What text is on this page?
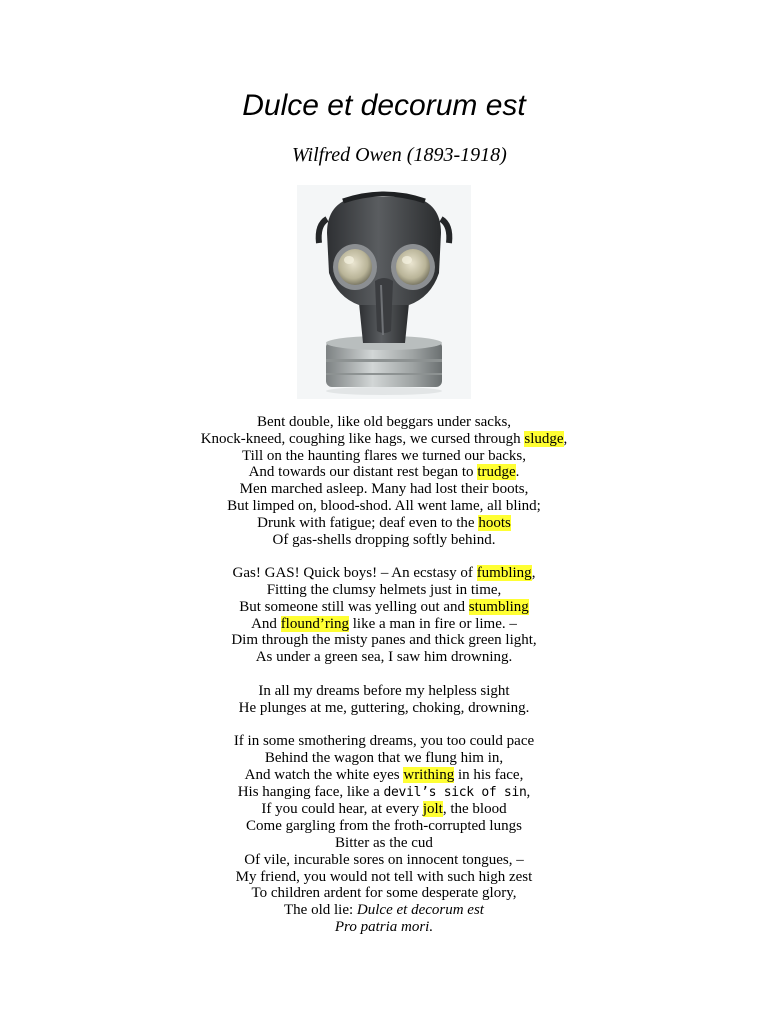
Dulce et decorum est
Wilfred Owen (1893-1918)
Bent double, like old beggars under sacks,
Knock-kneed, coughing like hags, we cursed through sludge,
Till on the haunting flares we turned our backs,
And towards our distant rest began to trudge.
Men marched asleep. Many had lost their boots,
But limped on, blood-shod. All went lame, all blind;
Drunk with fatigue; deaf even to the hoots
Of gas-shells dropping softly behind.
Gas! GAS! Quick boys! – An ecstasy of fumbling,
Fitting the clumsy helmets just in time,
But someone still was yelling out and stumbling
And flound’ring like a man in fire or lime. –
Dim through the misty panes and thick green light,
As under a green sea, I saw him drowning.
In all my dreams before my helpless sight
He plunges at me, guttering, choking, drowning.
If in some smothering dreams, you too could pace
Behind the wagon that we flung him in,
And watch the white eyes writhing in his face,
His hanging face, like a devil’s sick of sin,
If you could hear, at every jolt, the blood
Come gargling from the froth-corrupted lungs
Bitter as the cud
Of vile, incurable sores on innocent tongues, –
My friend, you would not tell with such high zest
To children ardent for some desperate glory,
The old lie: Dulce et decorum est
Pro patria mori.
